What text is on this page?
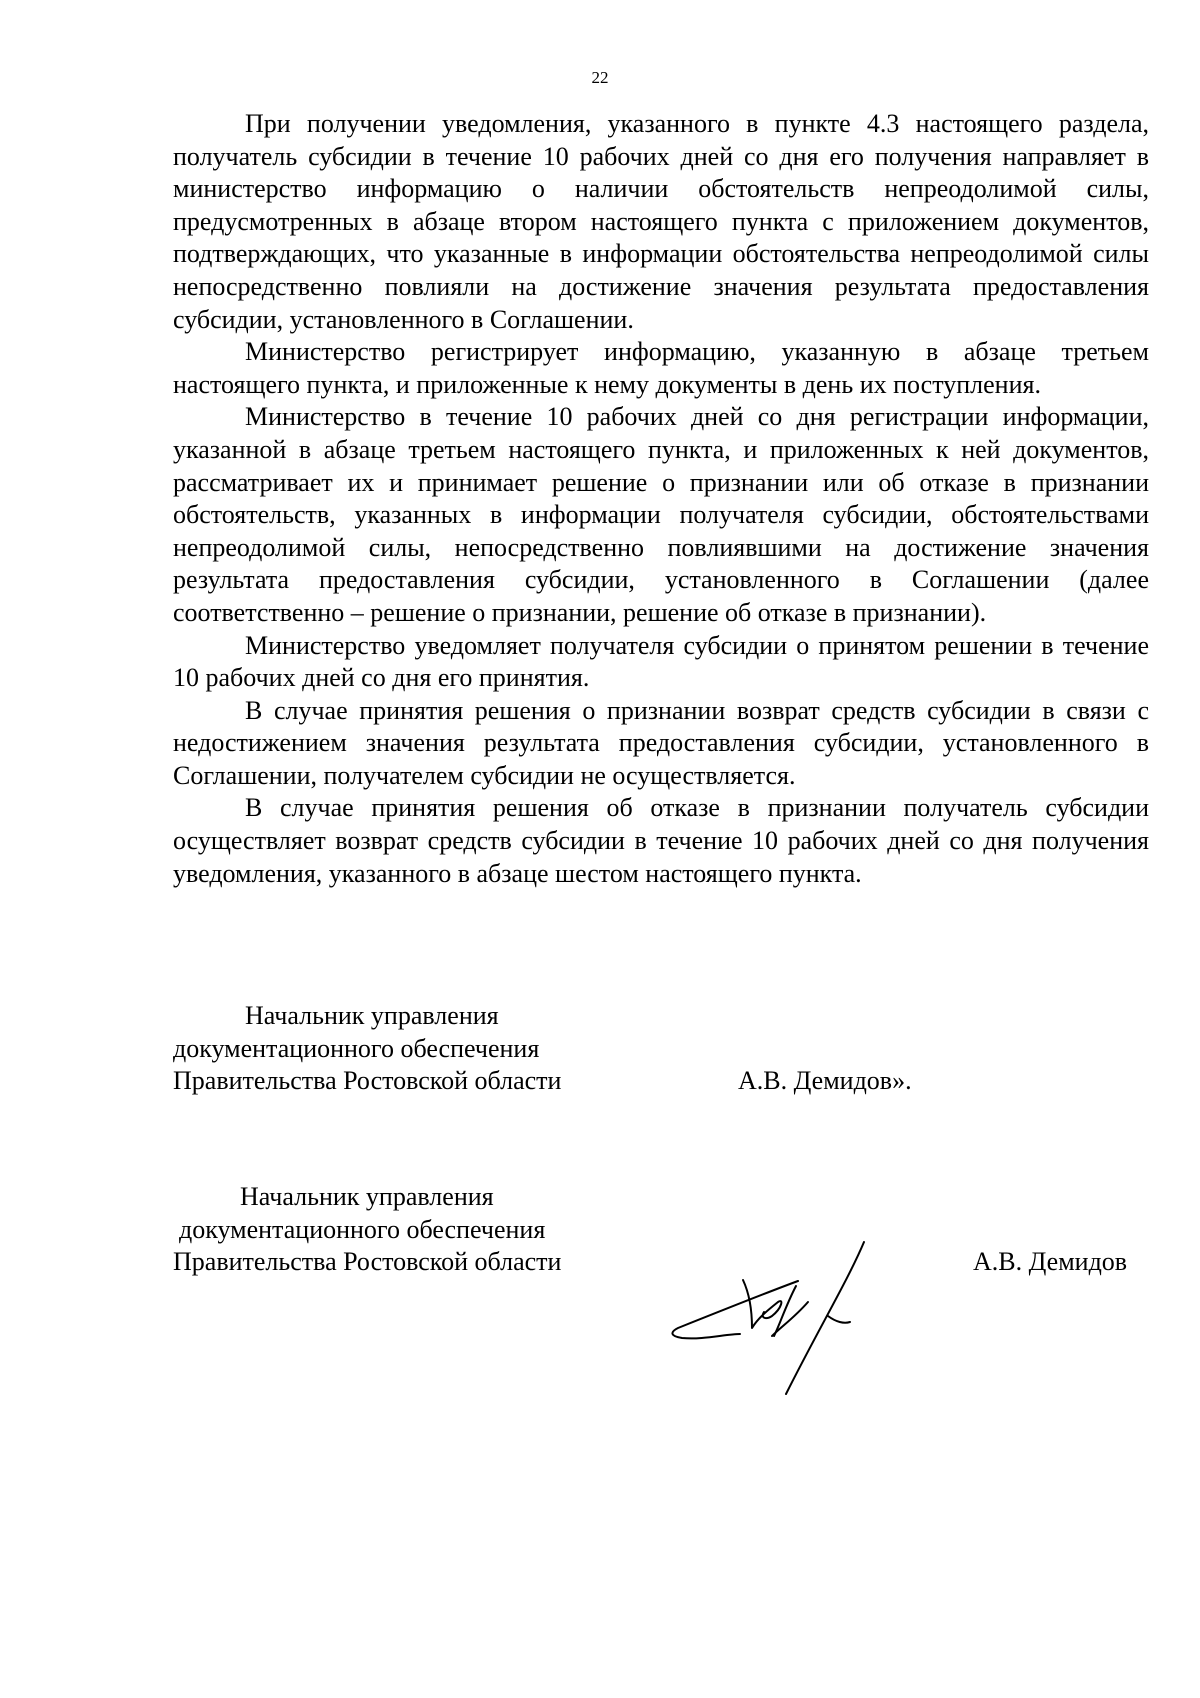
22

При получении уведомления, указанного в пункте 4.3 настоящего раздела, получатель субсидии в течение 10 рабочих дней со дня его получения направляет в министерство информацию о наличии обстоятельств непреодолимой силы, предусмотренных в абзаце втором настоящего пункта с приложением документов, подтверждающих, что указанные в информации обстоятельства непреодолимой силы непосредственно повлияли на достижение значения результата предоставления субсидии, установленного в Соглашении.

Министерство регистрирует информацию, указанную в абзаце третьем настоящего пункта, и приложенные к нему документы в день их поступления.

Министерство в течение 10 рабочих дней со дня регистрации информации, указанной в абзаце третьем настоящего пункта, и приложенных к ней документов, рассматривает их и принимает решение о признании или об отказе в признании обстоятельств, указанных в информации получателя субсидии, обстоятельствами непреодолимой силы, непосредственно повлиявшими на достижение значения результата предоставления субсидии, установленного в Соглашении (далее соответственно – решение о признании, решение об отказе в признании).

Министерство уведомляет получателя субсидии о принятом решении в течение 10 рабочих дней со дня его принятия.

В случае принятия решения о признании возврат средств субсидии в связи с недостижением значения результата предоставления субсидии, установленного в Соглашении, получателем субсидии не осуществляется.

В случае принятия решения об отказе в признании получатель субсидии осуществляет возврат средств субсидии в течение 10 рабочих дней со дня получения уведомления, указанного в абзаце шестом настоящего пункта.

Начальник управления
документационного обеспечения
Правительства Ростовской области	А.В. Демидов».
Начальник управления
документационного обеспечения
Правительства Ростовской области	А.В. Демидов
